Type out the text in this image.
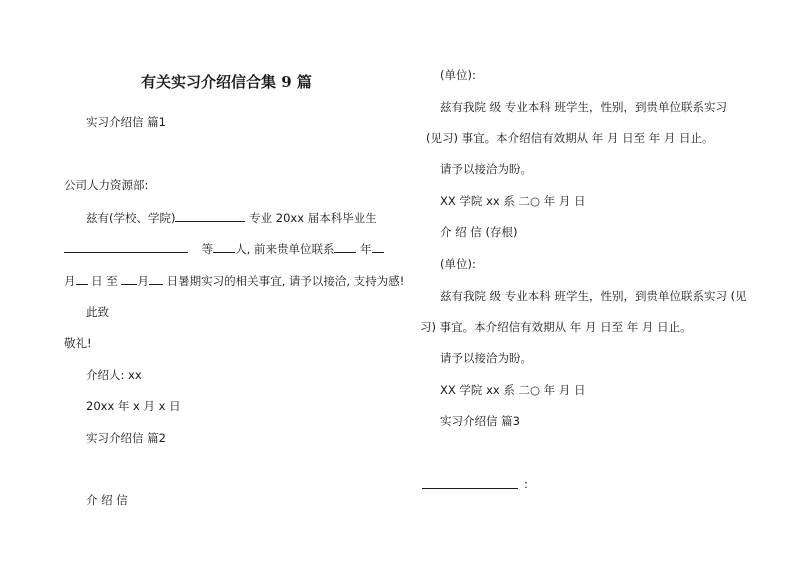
有关实习介绍信合集 9 篇
实习介绍信 篇1
公司人力资源部:
兹有(学校、学院)	专业 20xx 届本科毕业生
等 人, 前来贵单位联系 年
月 日 至 月 日暑期实习的相关事宜, 请予以接洽, 支持为感!
此致
敬礼!
介绍人: xx
20xx 年 x 月 x 日
实习介绍信 篇2
介 绍 信
(单位):
兹有我院 级 专业本科 班学生，性别，到贵单位联系实习
(见习) 事宜。本介绍信有效期从 年 月 日至 年 月 日止。
请予以接洽为盼。
XX 学院 xx 系 二○ 年 月 日
介 绍 信 (存根)
(单位):
兹有我院 级 专业本科 班学生，性别，到贵单位联系实习 (见
习) 事宜。本介绍信有效期从 年 月 日至 年 月 日止。
请予以接洽为盼。
XX 学院 xx 系 二○ 年 月 日
实习介绍信 篇3
:
